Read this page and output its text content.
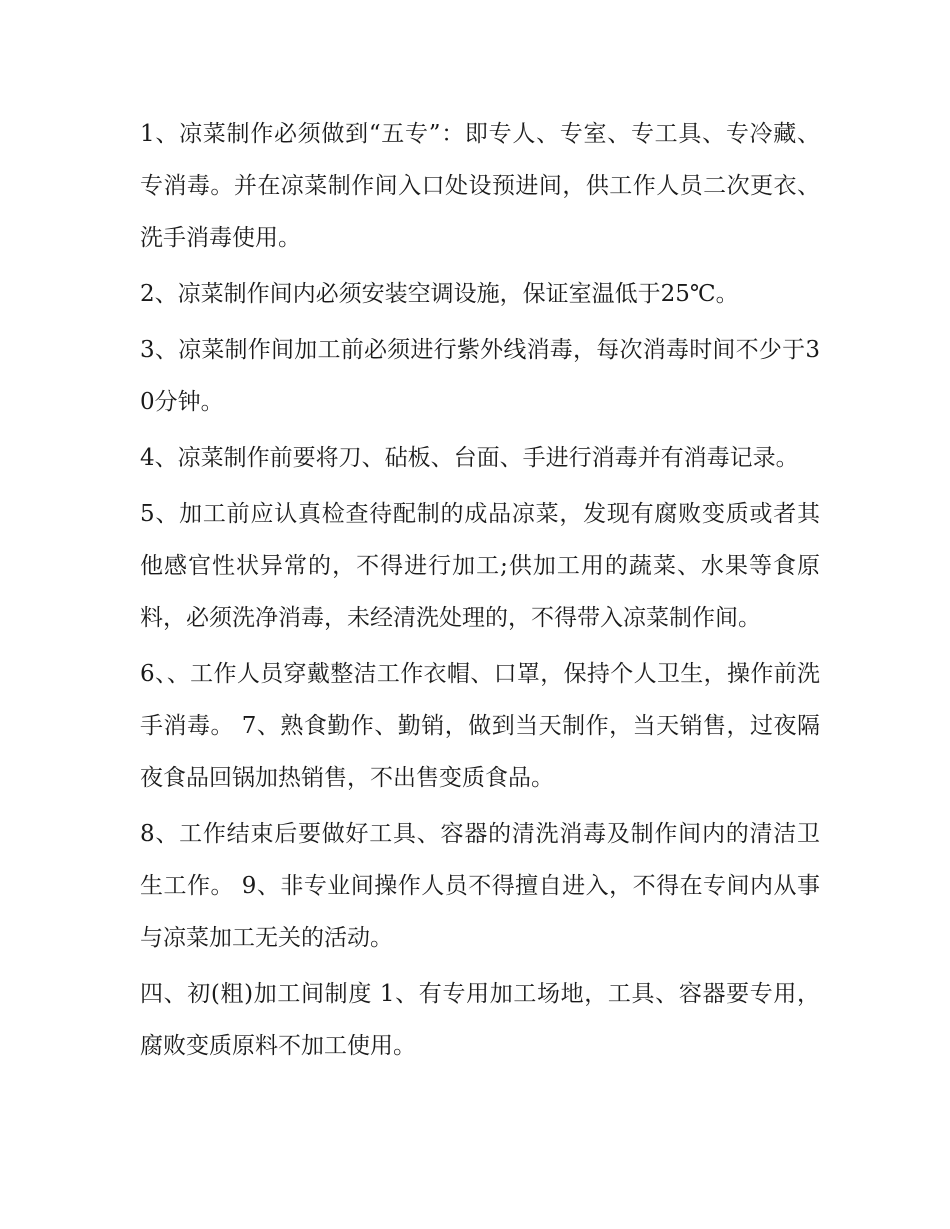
1、凉菜制作必须做到“五专”：即专人、专室、专工具、专冷藏、专消毒。并在凉菜制作间入口处设预进间，供工作人员二次更衣、洗手消毒使用。

2、凉菜制作间内必须安装空调设施，保证室温低于25℃。

3、凉菜制作间加工前必须进行紫外线消毒，每次消毒时间不少于30分钟。

4、凉菜制作前要将刀、砧板、台面、手进行消毒并有消毒记录。

5、加工前应认真检查待配制的成品凉菜，发现有腐败变质或者其他感官性状异常的，不得进行加工;供加工用的蔬菜、水果等食原料，必须洗净消毒，未经清洗处理的，不得带入凉菜制作间。

6、、工作人员穿戴整洁工作衣帽、口罩，保持个人卫生，操作前洗手消毒。 7、熟食勤作、勤销，做到当天制作，当天销售，过夜隔夜食品回锅加热销售，不出售变质食品。

8、工作结束后要做好工具、容器的清洗消毒及制作间内的清洁卫生工作。 9、非专业间操作人员不得擅自进入，不得在专间内从事与凉菜加工无关的活动。

四、初(粗)加工间制度 1、有专用加工场地，工具、容器要专用，腐败变质原料不加工使用。
